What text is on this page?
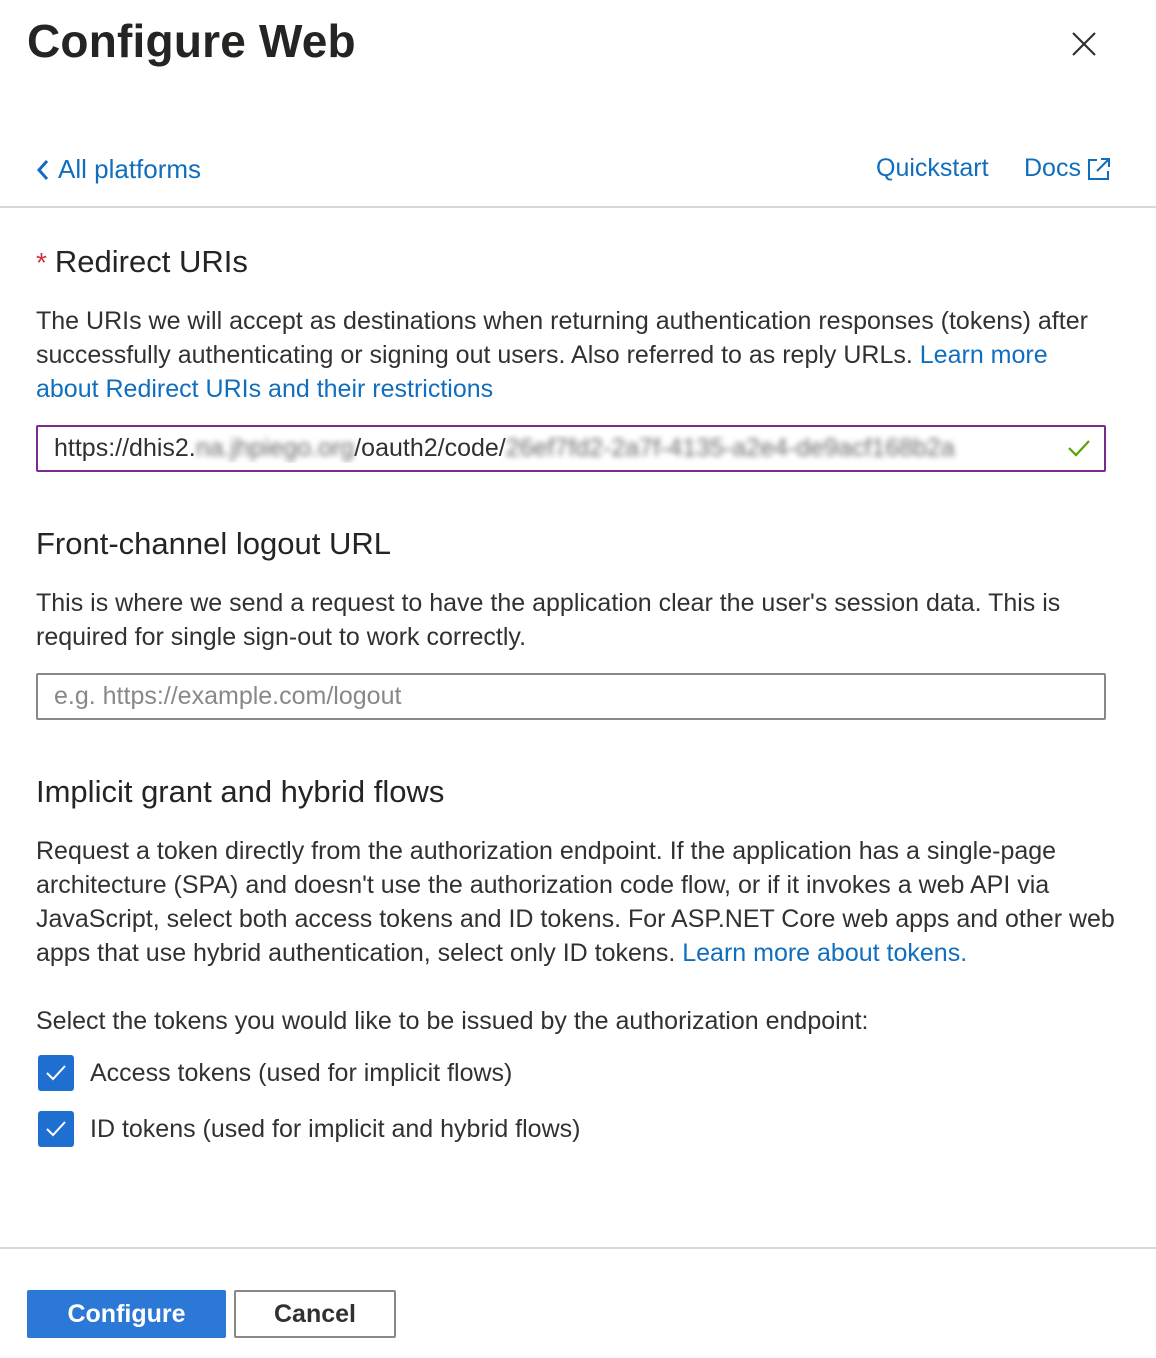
Configure Web
All platforms	Quickstart Docs
* Redirect URIs

The URIs we will accept as destinations when returning authentication responses (tokens) after successfully authenticating or signing out users. Also referred to as reply URLs. Learn more about Redirect URIs and their restrictions

https://dhis2.na.jhpiego.org/oauth2/code/26ef7fd2-2a7f-4135-a2e4-de9acf168b2a
Front-channel logout URL

This is where we send a request to have the application clear the user's session data. This is required for single sign-out to work correctly.

e.g. https://example.com/logout
Implicit grant and hybrid flows

Request a token directly from the authorization endpoint. If the application has a single-page architecture (SPA) and doesn't use the authorization code flow, or if it invokes a web API via JavaScript, select both access tokens and ID tokens. For ASP.NET Core web apps and other web apps that use hybrid authentication, select only ID tokens. Learn more about tokens.

Select the tokens you would like to be issued by the authorization endpoint:

Access tokens (used for implicit flows)
ID tokens (used for implicit and hybrid flows)
Configure	Cancel
